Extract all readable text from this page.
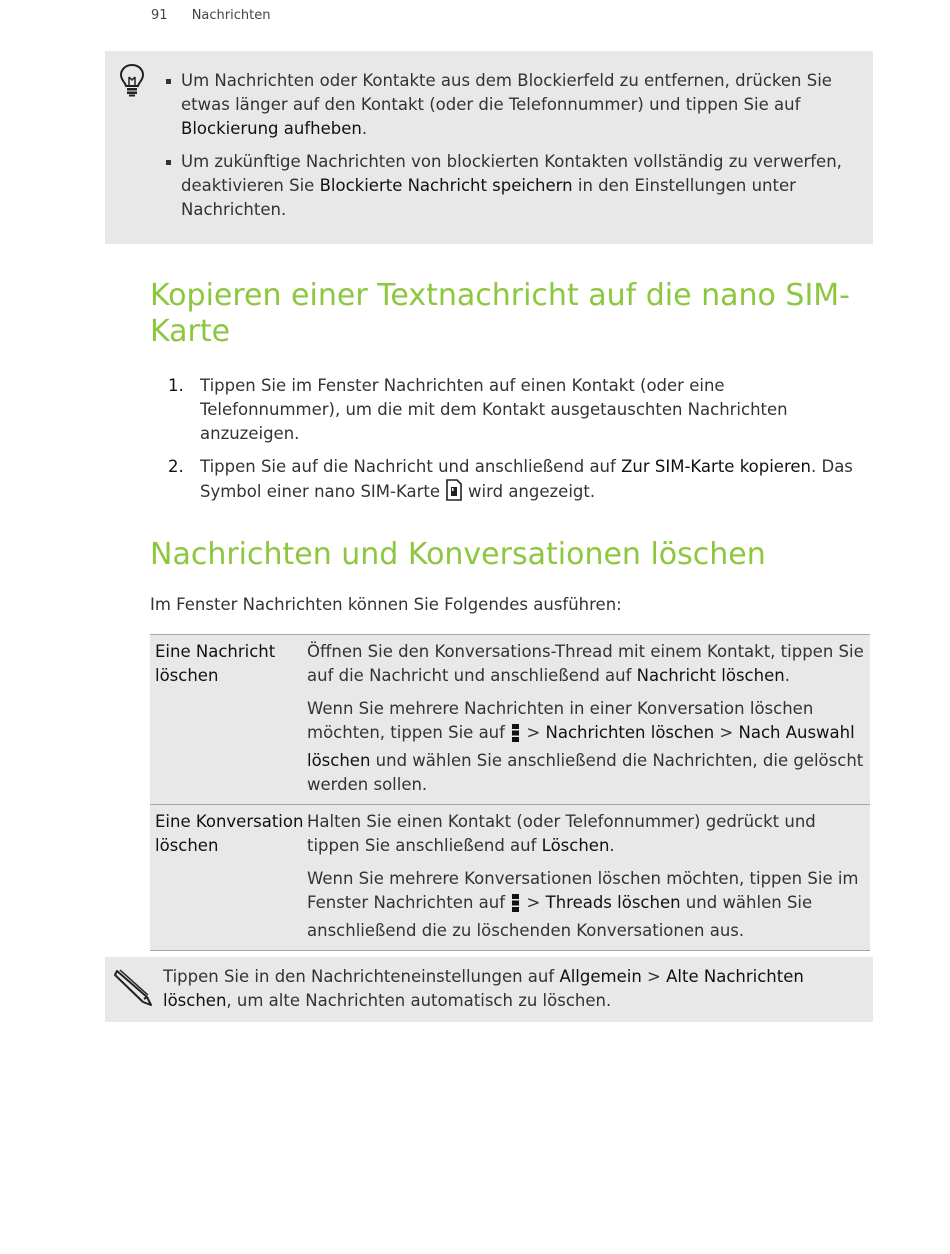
91 Nachrichten
Um Nachrichten oder Kontakte aus dem Blockierfeld zu entfernen, drücken Sie etwas länger auf den Kontakt (oder die Telefonnummer) und tippen Sie auf Blockierung aufheben.
Um zukünftige Nachrichten von blockierten Kontakten vollständig zu verwerfen, deaktivieren Sie Blockierte Nachricht speichern in den Einstellungen unter Nachrichten.
Kopieren einer Textnachricht auf die nano SIM-Karte
1. Tippen Sie im Fenster Nachrichten auf einen Kontakt (oder eine Telefonnummer), um die mit dem Kontakt ausgetauschten Nachrichten anzuzeigen.
2. Tippen Sie auf die Nachricht und anschließend auf Zur SIM-Karte kopieren. Das Symbol einer nano SIM-Karte wird angezeigt.
Nachrichten und Konversationen löschen

Im Fenster Nachrichten können Sie Folgendes ausführen:

Eine Nachricht löschen

Öffnen Sie den Konversations-Thread mit einem Kontakt, tippen Sie auf die Nachricht und anschließend auf Nachricht löschen.

Wenn Sie mehrere Nachrichten in einer Konversation löschen möchten, tippen Sie auf  > Nachrichten löschen > Nach Auswahl löschen und wählen Sie anschließend die Nachrichten, die gelöscht werden sollen.

Eine Konversation löschen

Halten Sie einen Kontakt (oder Telefonnummer) gedrückt und tippen Sie anschließend auf Löschen.

Wenn Sie mehrere Konversationen löschen möchten, tippen Sie im Fenster Nachrichten auf  > Threads löschen und wählen Sie anschließend die zu löschenden Konversationen aus.

Tippen Sie in den Nachrichteneinstellungen auf Allgemein > Alte Nachrichten löschen, um alte Nachrichten automatisch zu löschen.
